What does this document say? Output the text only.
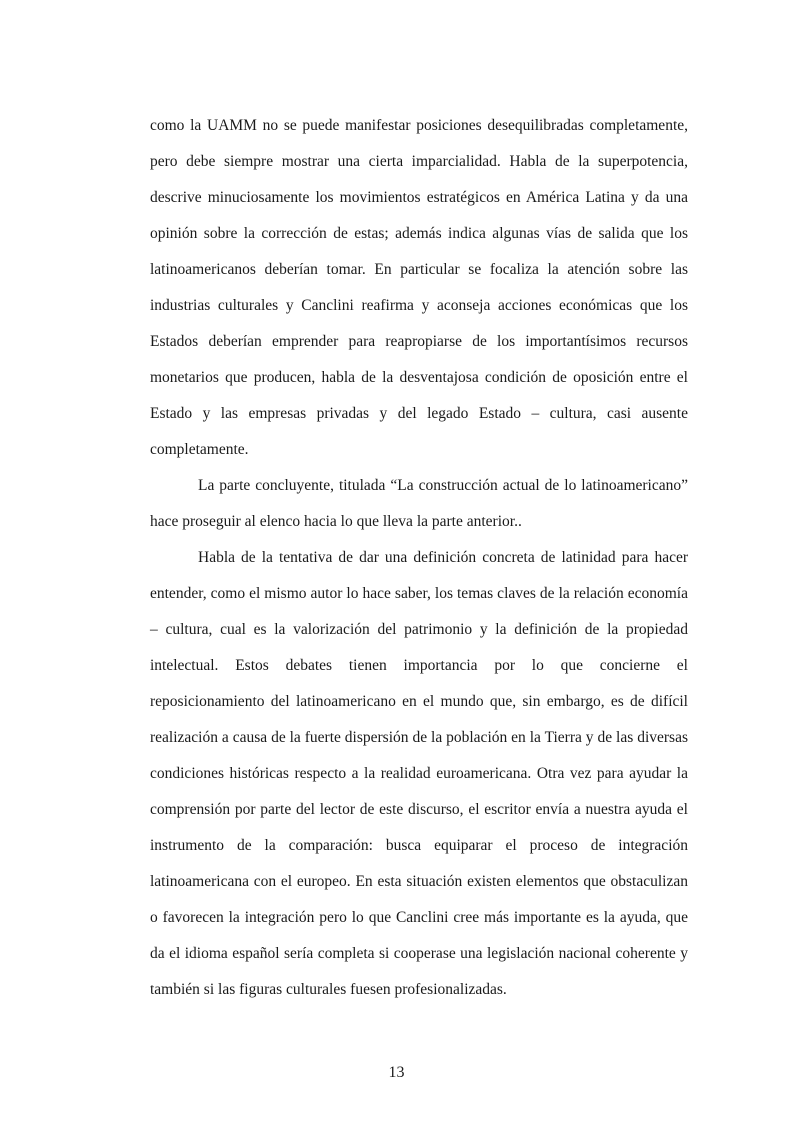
como la UAMM no se puede manifestar posiciones desequilibradas completamente, pero debe siempre mostrar una cierta imparcialidad. Habla de la superpotencia, descrive minuciosamente los movimientos estratégicos en América Latina y da una opinión sobre la corrección de estas; además indica algunas vías de salida que los latinoamericanos deberían tomar. En particular se focaliza la atención sobre las industrias culturales y Canclini reafirma y aconseja acciones económicas que los Estados deberían emprender para reapropiarse de los importantísimos recursos monetarios que producen, habla de la desventajosa condición de oposición entre el Estado y las empresas privadas y del legado Estado – cultura, casi ausente completamente.

La parte concluyente, titulada “La construcción actual de lo latinoamericano” hace proseguir al elenco hacia lo que lleva la parte anterior..

Habla de la tentativa de dar una definición concreta de latinidad para hacer entender, como el mismo autor lo hace saber, los temas claves de la relación economía – cultura, cual es la valorización del patrimonio y la definición de la propiedad intelectual. Estos debates tienen importancia por lo que concierne el reposicionamiento del latinoamericano en el mundo que, sin embargo, es de difícil realización a causa de la fuerte dispersión de la población en la Tierra y de las diversas condiciones históricas respecto a la realidad euroamericana. Otra vez para ayudar la comprensión por parte del lector de este discurso, el escritor envía a nuestra ayuda el instrumento de la comparación: busca equiparar el proceso de integración latinoamericana con el europeo. En esta situación existen elementos que obstaculizan o favorecen la integración pero lo que Canclini cree más importante es la ayuda, que da el idioma español sería completa si cooperase una legislación nacional coherente y también si las figuras culturales fuesen profesionalizadas.

13
